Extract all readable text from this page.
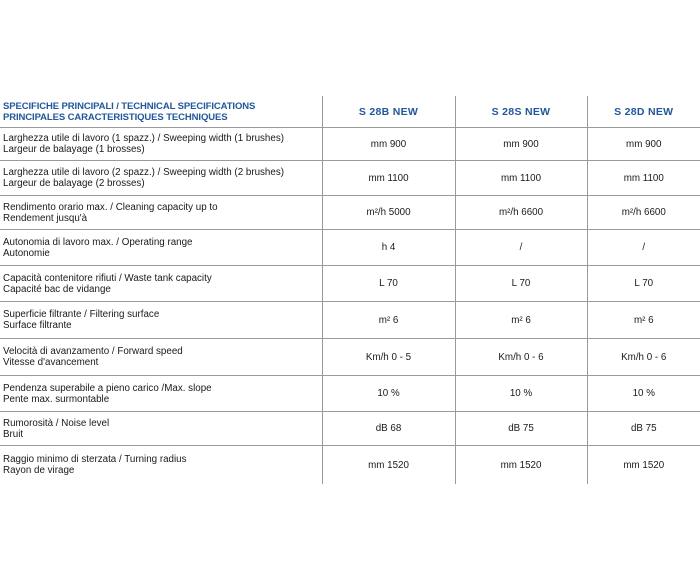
SPECIFICHE PRINCIPALI / TECHNICAL SPECIFICATIONS
PRINCIPALES CARACTERISTIQUES TECHNIQUES	S 28B NEW	S 28S NEW	S 28D NEW

Larghezza utile di lavoro (1 spazz.) / Sweeping width (1 brushes)
Largeur de balayage (1 brosses)	mm 900	mm 900	mm 900

Larghezza utile di lavoro (2 spazz.) / Sweeping width (2 brushes)
Largeur de balayage (2 brosses)	mm 1100	mm 1100	mm 1100

Rendimento orario max. / Cleaning capacity up to
Rendement jusqu'à	m²/h 5000	m²/h 6600	m²/h 6600

Autonomia di lavoro max. / Operating range
Autonomie	h 4	/	/

Capacità contenitore rifiuti / Waste tank capacity
Capacité bac de vidange	L 70	L 70	L 70

Superficie filtrante / Filtering surface
Surface filtrante	m² 6	m² 6	m² 6

Velocità di avanzamento / Forward speed
Vitesse d'avancement	Km/h 0 - 5	Km/h 0 - 6	Km/h 0 - 6

Pendenza superabile a pieno carico /Max. slope
Pente max. surmontable	10 %	10 %	10 %

Rumorosità / Noise level
Bruit	dB 68	dB 75	dB 75

Raggio minimo di sterzata / Turning radius
Rayon de virage	mm 1520	mm 1520	mm 1520
